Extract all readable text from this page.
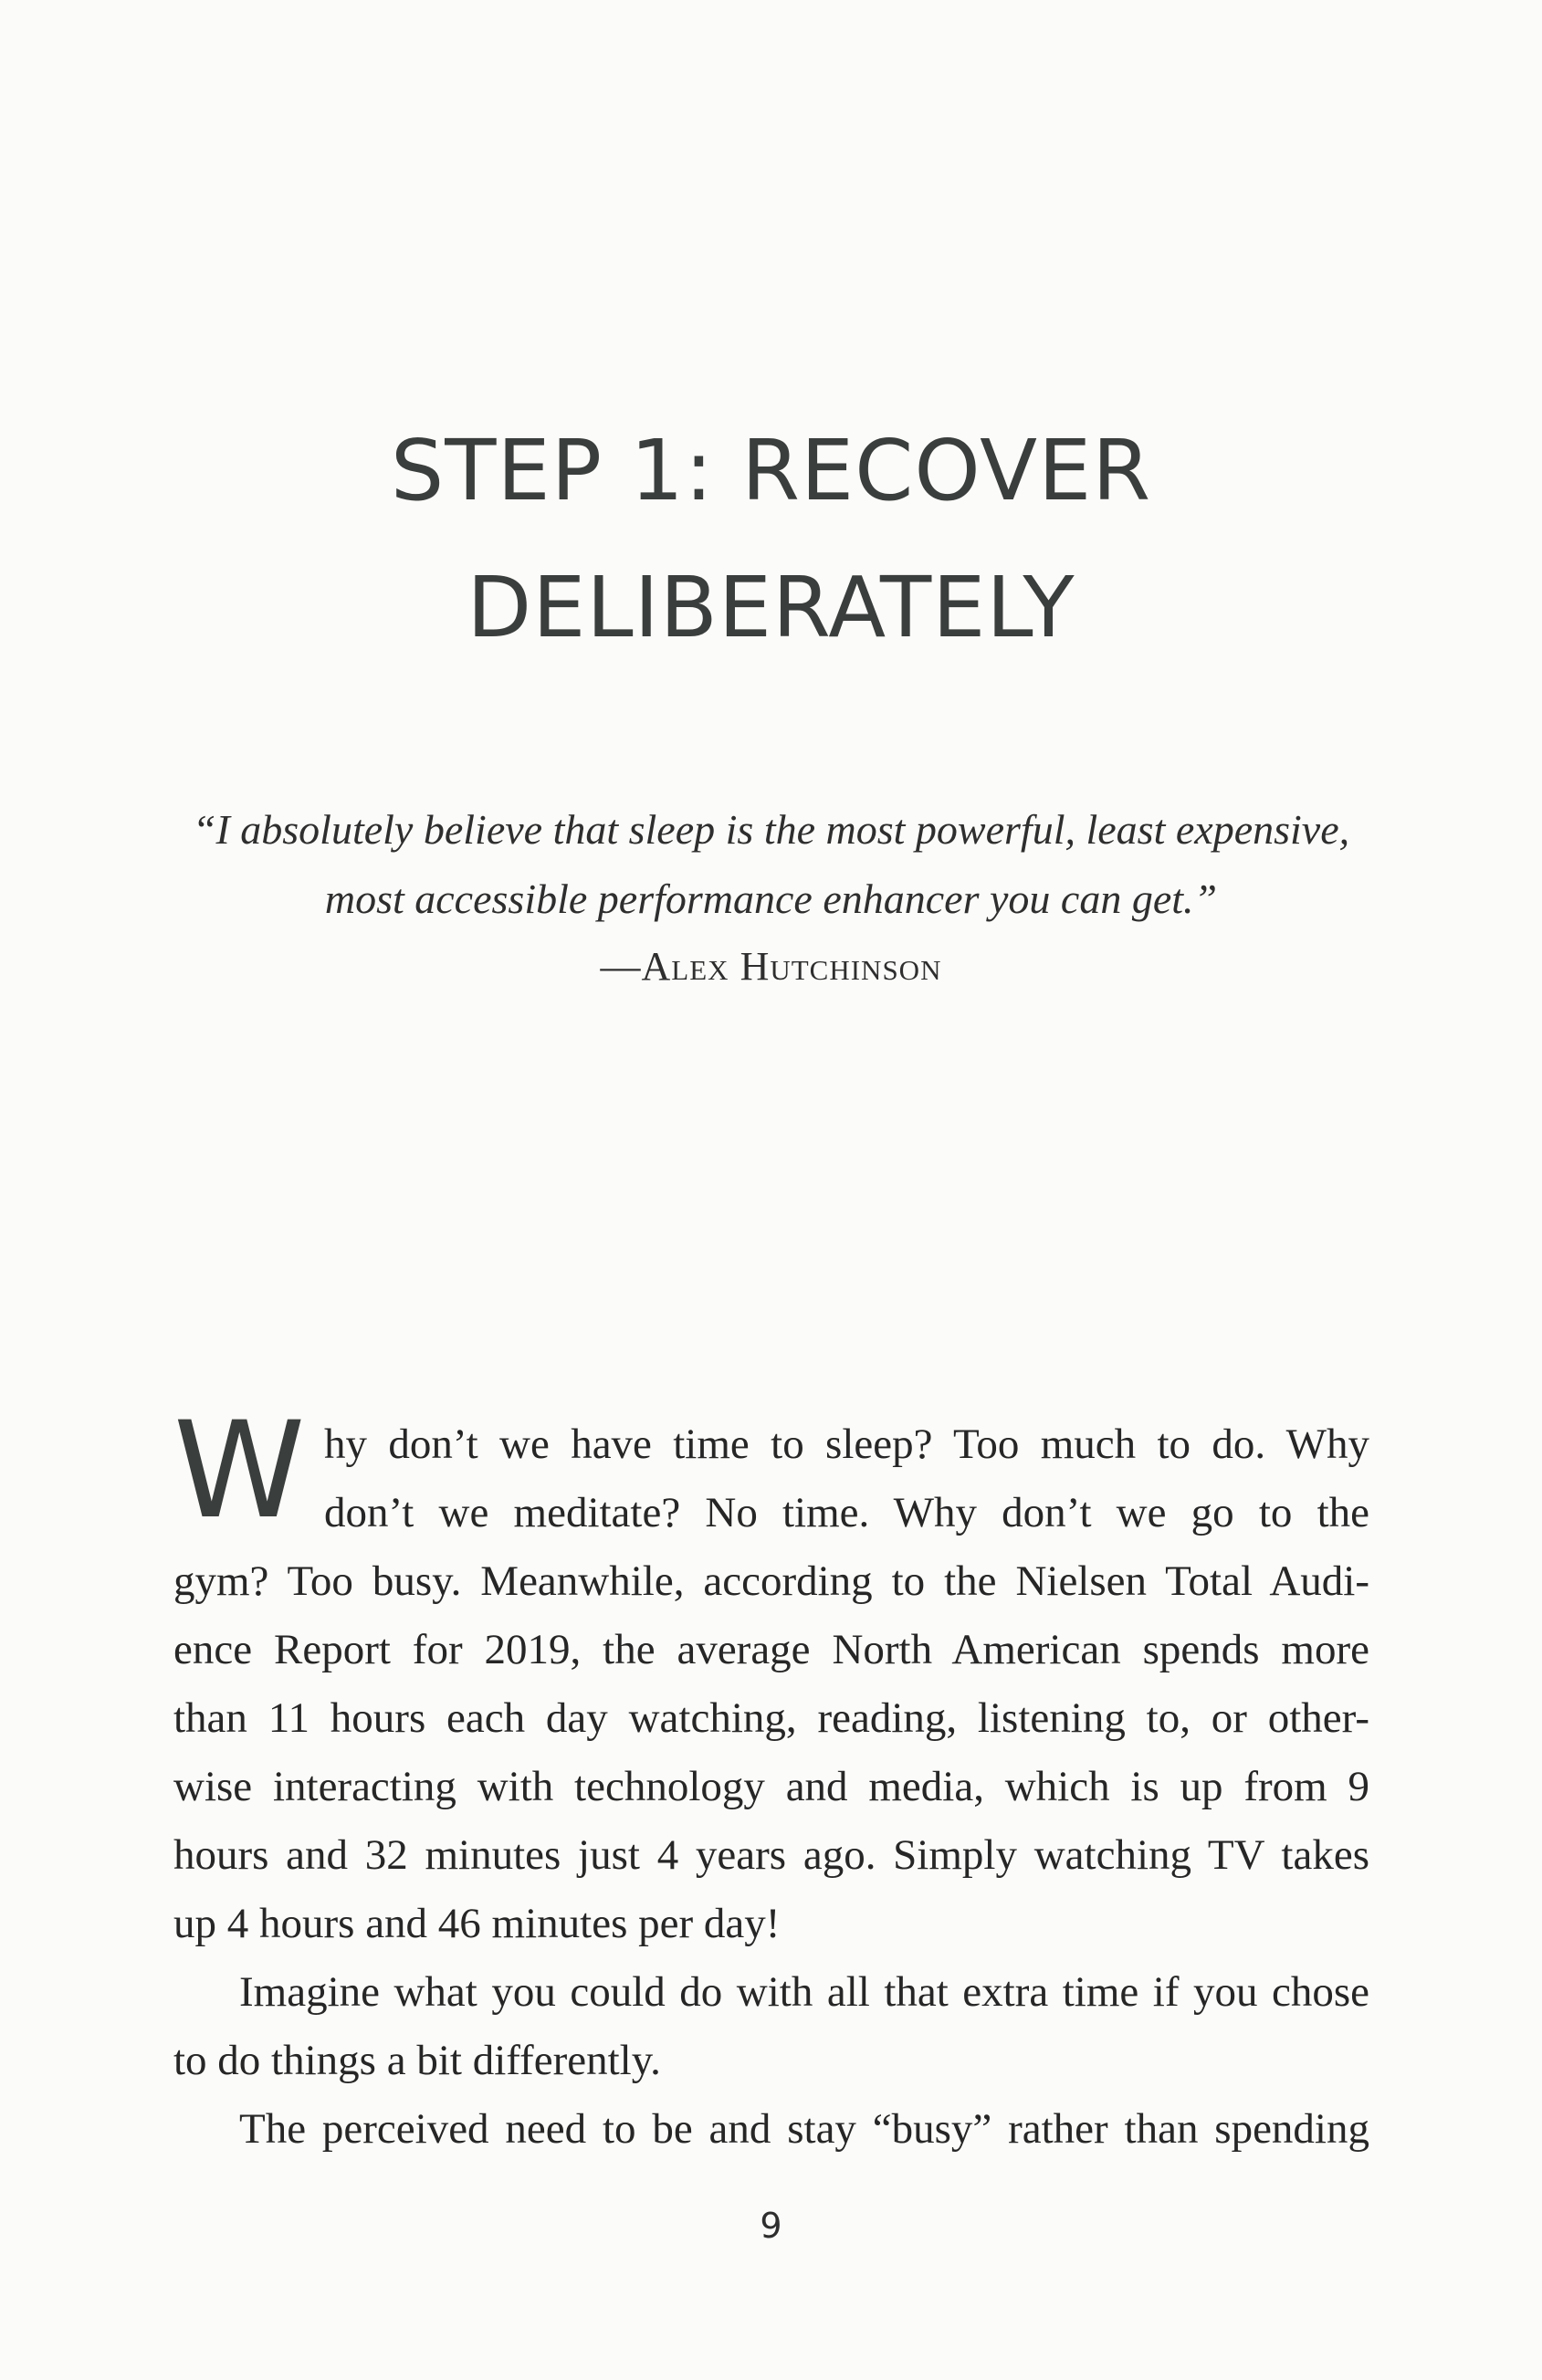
STEP 1: RECOVER
DELIBERATELY

“I absolutely believe that sleep is the most powerful, least expensive,

most accessible performance enhancer you can get.”

—Alex Hutchinson

W hy don’t we have time to sleep? Too much to do. Why
don’t we meditate? No time. Why don’t we go to the
gym? Too busy. Meanwhile, according to the Nielsen Total Audi-
ence Report for 2019, the average North American spends more
than 11 hours each day watching, reading, listening to, or other-
wise interacting with technology and media, which is up from 9
hours and 32 minutes just 4 years ago. Simply watching TV takes
up 4 hours and 46 minutes per day!
Imagine what you could do with all that extra time if you chose
to do things a bit differently.
The perceived need to be and stay “busy” rather than spending
9
